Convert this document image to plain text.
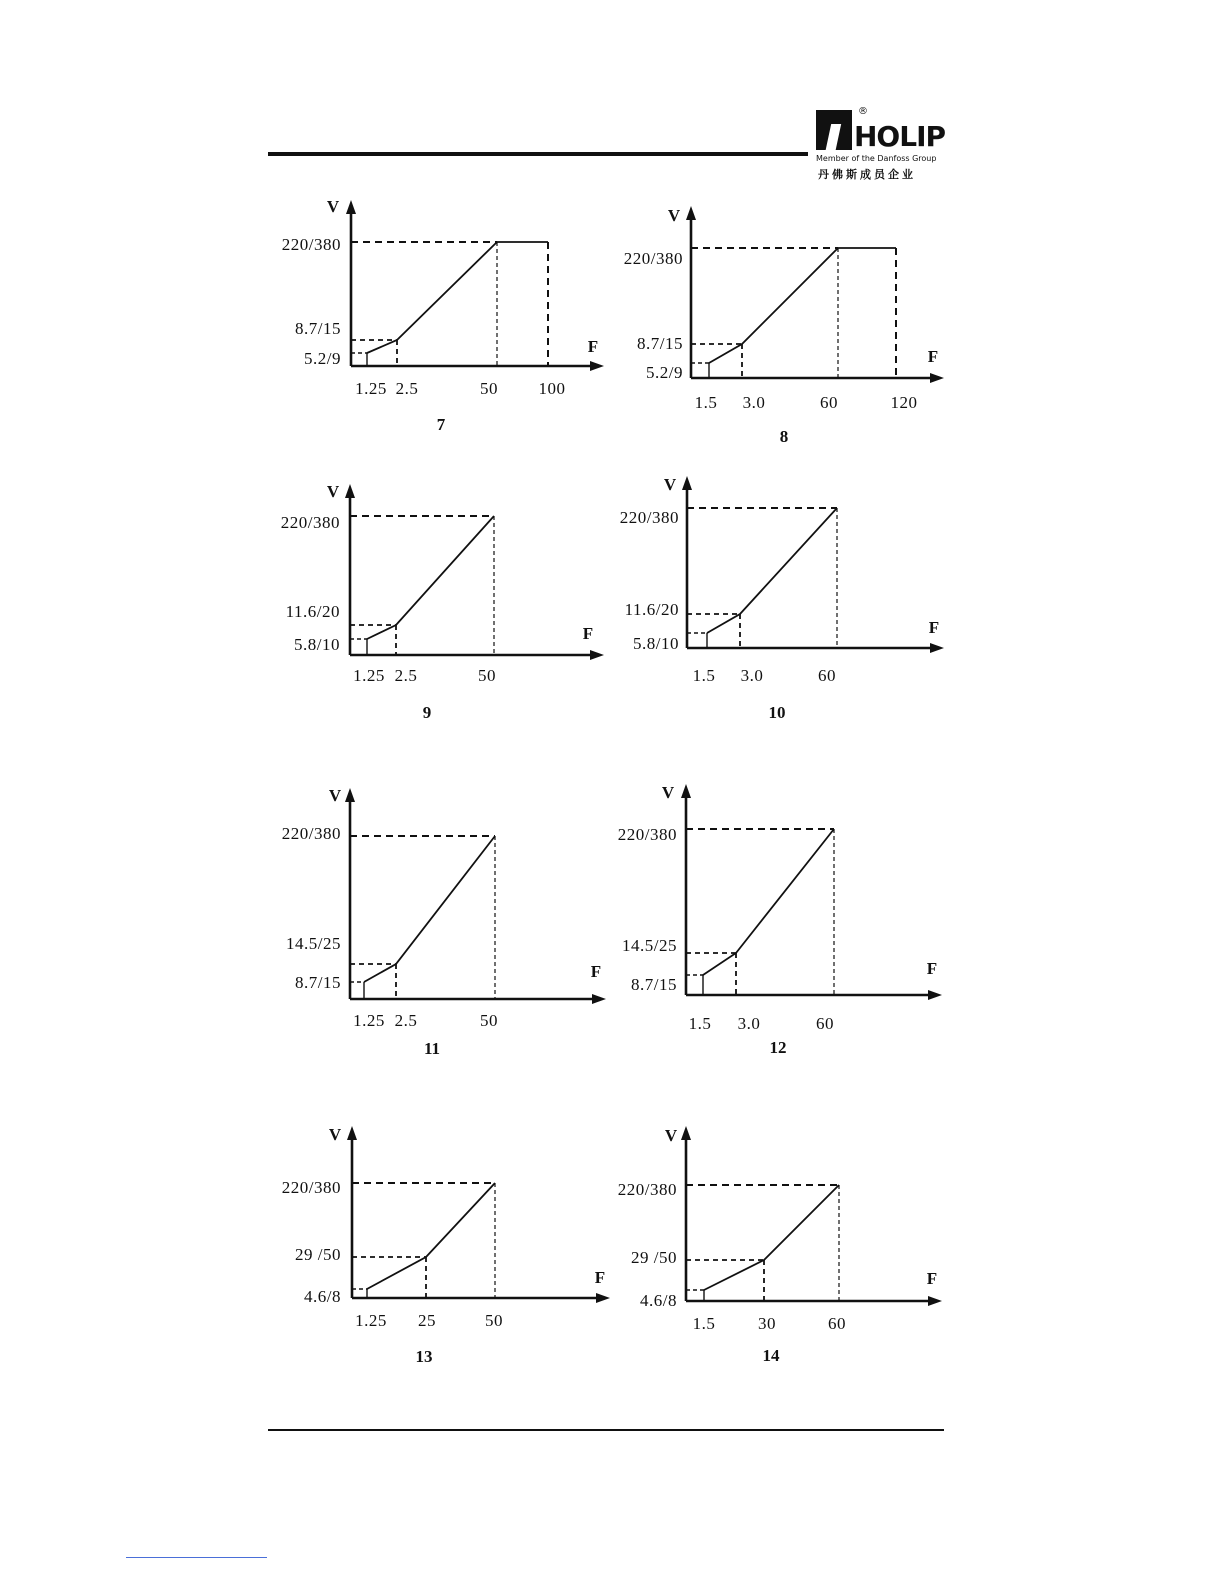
®
HOLIP
Member of the Danfoss Group
丹佛斯成员企业
V
F
220/380
8.7/15
5.2/9
1.25 2.5	50 100
7
V
F
220/380
8.7/15
5.2/9
1.5 3.0	60	120
8
V
F
220/380
11.6/20
5.8/10
1.25 2.5	50
9
V
F
220/380
11.6/20
5.8/10
1.5 3.0	60
10
V
F
220/380
14.5/25
8.7/15
1.25 2.5	50
11
V
F
220/380
14.5/25
8.7/15
1.5 3.0	60
12
V
F
220/380
29 /50
4.6/8
1.25 25	50
13
V
F
220/380
29 /50
4.6/8
1.5	30	60
14
